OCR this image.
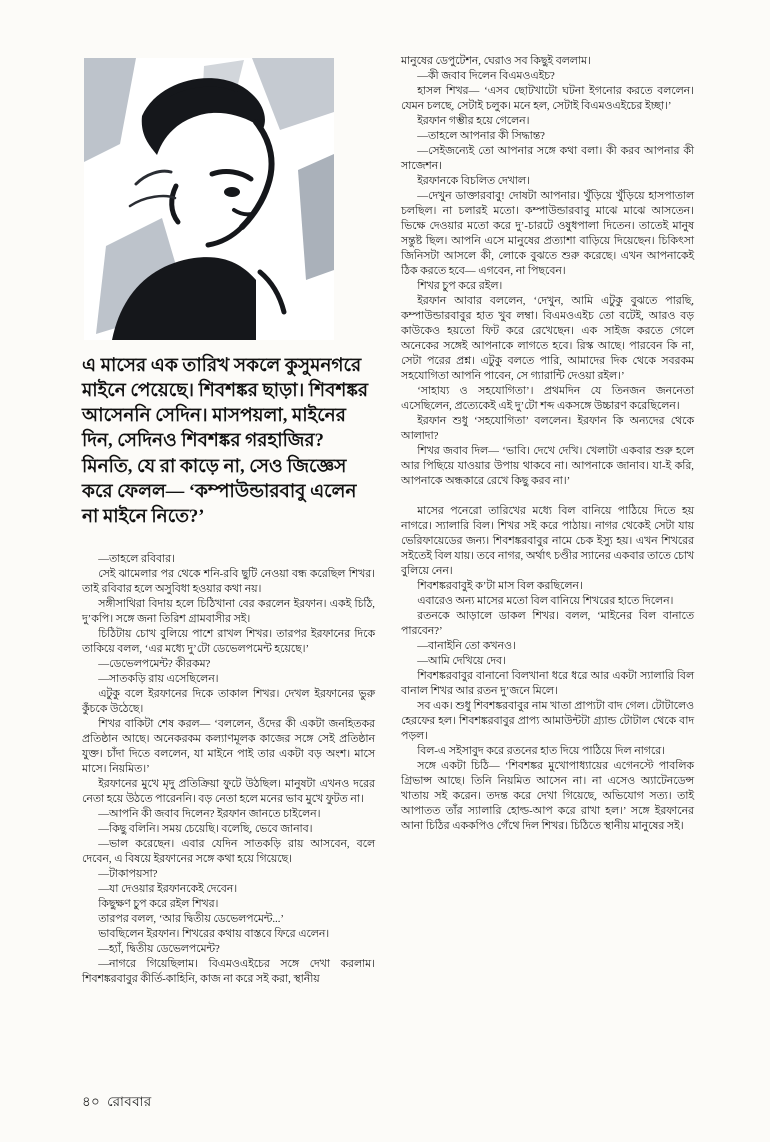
এ মাসের এক তারিখ সকলে কুসুমনগরে মাইনে পেয়েছে। শিবশঙ্কর ছাড়া। শিবশঙ্কর আসেননি সেদিন। মাসপয়লা, মাইনের দিন, সেদিনও শিবশঙ্কর গরহাজির? মিনতি, যে রা কাড়ে না, সেও জিজ্ঞেস করে ফেলল— ‘কম্পাউন্ডারবাবু এলেন না মাইনে নিতে?’

—তাহলে রবিবার।

সেই ঝামেলার পর থেকে শনি-রবি ছুটি নেওয়া বন্ধ করেছিল শিখর। তাই রবিবার হলে অসুবিধা হওয়ার কথা নয়।

সঙ্গীসাথিরা বিদায় হলে চিঠিখানা বের করলেন ইরফান। একই চিঠি, দু’কপি। সঙ্গে জনা তিরিশ গ্রামবাসীর সই।

চিঠিটায় চোখ বুলিয়ে পাশে রাখল শিখর। তারপর ইরফানের দিকে তাকিয়ে বলল, ‘এর মধ্যে দু’টো ডেভেলপমেন্ট হয়েছে।’

—ডেভেলপমেন্ট? কীরকম?

—সাতকড়ি রায় এসেছিলেন।

এটুকু বলে ইরফানের দিকে তাকাল শিখর। দেখল ইরফানের ভুরু কুঁচকে উঠেছে।

শিখর বাকিটা শেষ করল— ‘বললেন, ওঁদের কী একটা জনহিতকর প্রতিষ্ঠান আছে। অনেকরকম কল্যাণমূলক কাজের সঙ্গে সেই প্রতিষ্ঠান যুক্ত। চাঁদা দিতে বললেন, যা মাইনে পাই তার একটা বড় অংশ। মাসে মাসে। নিয়মিত।’

ইরফানের মুখে মৃদু প্রতিক্রিয়া ফুটে উঠছিল। মানুষটা এখনও দরের নেতা হয়ে উঠতে পারেননি। বড় নেতা হলে মনের ভাব মুখে ফুটত না।

—আপনি কী জবাব দিলেন? ইরফান জানতে চাইলেন।

—কিছু বলিনি। সময় চেয়েছি। বলেছি, ভেবে জানাব।

—ভাল করেছেন। এবার যেদিন সাতকড়ি রায় আসবেন, বলে দেবেন, এ বিষয়ে ইরফানের সঙ্গে কথা হয়ে গিয়েছে।

—টাকাপয়সা?

—যা দেওয়ার ইরফানকেই দেবেন।

কিছুক্ষণ চুপ করে রইল শিখর।

তারপর বলল, ‘আর দ্বিতীয় ডেভেলপমেন্ট...’

ভাবছিলেন ইরফান। শিখরের কথায় বাস্তবে ফিরে এলেন।

—হ্যাঁ, দ্বিতীয় ডেভেলপমেন্ট?

—নাগরে গিয়েছিলাম। বিএমওএইচের সঙ্গে দেখা করলাম। শিবশঙ্করবাবুর কীর্তি-কাহিনি, কাজ না করে সই করা, স্থানীয়

মানুষের ডেপুটেশন, ঘেরাও সব কিছুই বললাম।

—কী জবাব দিলেন বিএমওএইচ?

হাসল শিখর— ‘এসব ছোটখাটো ঘটনা ইগনোর করতে বললেন। যেমন চলছে, সেটাই চলুক। মনে হল, সেটাই বিএমওএইচের ইচ্ছা।’

ইরফান গম্ভীর হয়ে গেলেন।

—তাহলে আপনার কী সিদ্ধান্ত?

—সেইজন্যেই তো আপনার সঙ্গে কথা বলা। কী করব আপনার কী সাজেশন।

ইরফানকে বিচলিত দেখাল।

—দেখুন ডাক্তারবাবু! দোষটা আপনার। খুঁড়িয়ে খুঁড়িয়ে হাসপাতাল চলছিল। না চলারই মতো। কম্পাউন্ডারবাবু মাঝে মাঝে আসতেন। ভিক্ষে দেওয়ার মতো করে দু’-চারটে ওষুধপালা দিতেন। তাতেই মানুষ সন্তুষ্ট ছিল। আপনি এসে মানুষের প্রত্যাশা বাড়িয়ে দিয়েছেন। চিকিৎসা জিনিসটা আসলে কী, লোকে বুঝতে শুরু করেছে। এখন আপনাকেই ঠিক করতে হবে— এগবেন, না পিছবেন।

শিখর চুপ করে রইল।

ইরফান আবার বললেন, ‘দেখুন, আমি এটুকু বুঝতে পারছি, কম্পাউন্ডারবাবুর হাত খুব লম্বা। বিএমওএইচ তো বটেই, আরও বড় কাউকেও হয়তো ফিট করে রেখেছেন। এক সাইজ করতে গেলে অনেকের সঙ্গেই আপনাকে লাগতে হবে। রিস্ক আছে। পারবেন কি না, সেটা পরের প্রশ্ন। এটুকু বলতে পারি, আমাদের দিক থেকে সবরকম সহযোগিতা আপনি পাবেন, সে গ্যারান্টি দেওয়া রইল।’

‘সাহায্য ও সহযোগিতা’। প্রথমদিন যে তিনজন জননেতা এসেছিলেন, প্রত্যেকেই এই দু’টো শব্দ একসঙ্গে উচ্চারণ করেছিলেন।

ইরফান শুধু ‘সহযোগিতা’ বললেন। ইরফান কি অন্যদের থেকে আলাদা?

শিখর জবাব দিল— ‘ভাবি। দেখে দেখি। খেলাটা একবার শুরু হলে আর পিছিয়ে যাওয়ার উপায় থাকবে না। আপনাকে জানাব। যা-ই করি, আপনাকে অন্ধকারে রেখে কিছু করব না।’

মাসের পনেরো তারিখের মধ্যে বিল বানিয়ে পাঠিয়ে দিতে হয় নাগরে। স্যালারি বিল। শিখর সই করে পাঠায়। নাগর থেকেই সেটা যায় ভেরিফায়েডের জন্য। শিবশঙ্করবাবুর নামে চেক ইস্যু হয়। এখন শিখরের সইতেই বিল যায়। তবে নাগর, অর্থাৎ চণ্ডীর স্যানের একবার তাতে চোখ বুলিয়ে নেন।

শিবশঙ্করবাবুই ক’টা মাস বিল করছিলেন।

এবারেও অন্য মাসের মতো বিল বানিয়ে শিখরের হাতে দিলেন।

রতনকে আড়ালে ডাকল শিখর। বলল, ‘মাইনের বিল বানাতে পারবেন?’

—বানাইনি তো কখনও।

—আমি দেখিয়ে দেব।

শিবশঙ্করবাবুর বানানো বিলখানা ধরে ধরে আর একটা স্যালারি বিল বানাল শিখর আর রতন দু’জনে মিলে।

সব এক। শুধু শিবশঙ্করবাবুর নাম খাতা প্রাপ্যটা বাদ গেল। টোটালেও হেরফের হল। শিবশঙ্করবাবুর প্রাপ্য আমাউন্টটা গ্র্যান্ড টোটাল থেকে বাদ পড়ল।

বিল-এ সইসাবুদ করে রতনের হাত দিয়ে পাঠিয়ে দিল নাগরে।

সঙ্গে একটা চিঠি— ‘শিবশঙ্কর মুখোপাধ্যায়ের এগেনস্টে পাবলিক গ্রিভান্স আছে। তিনি নিয়মিত আসেন না। না এসেও অ্যাটেনডেন্স খাতায় সই করেন। তদন্ত করে দেখা গিয়েছে, অভিযোগ সত্য। তাই আপাতত তাঁর স্যালারি হোল্ড-আপ করে রাখা হল।’ সঙ্গে ইরফানের আনা চিঠির এককপিও গেঁথে দিল শিখর। চিঠিতে স্থানীয় মানুষের সই।

৪০ রোববার
